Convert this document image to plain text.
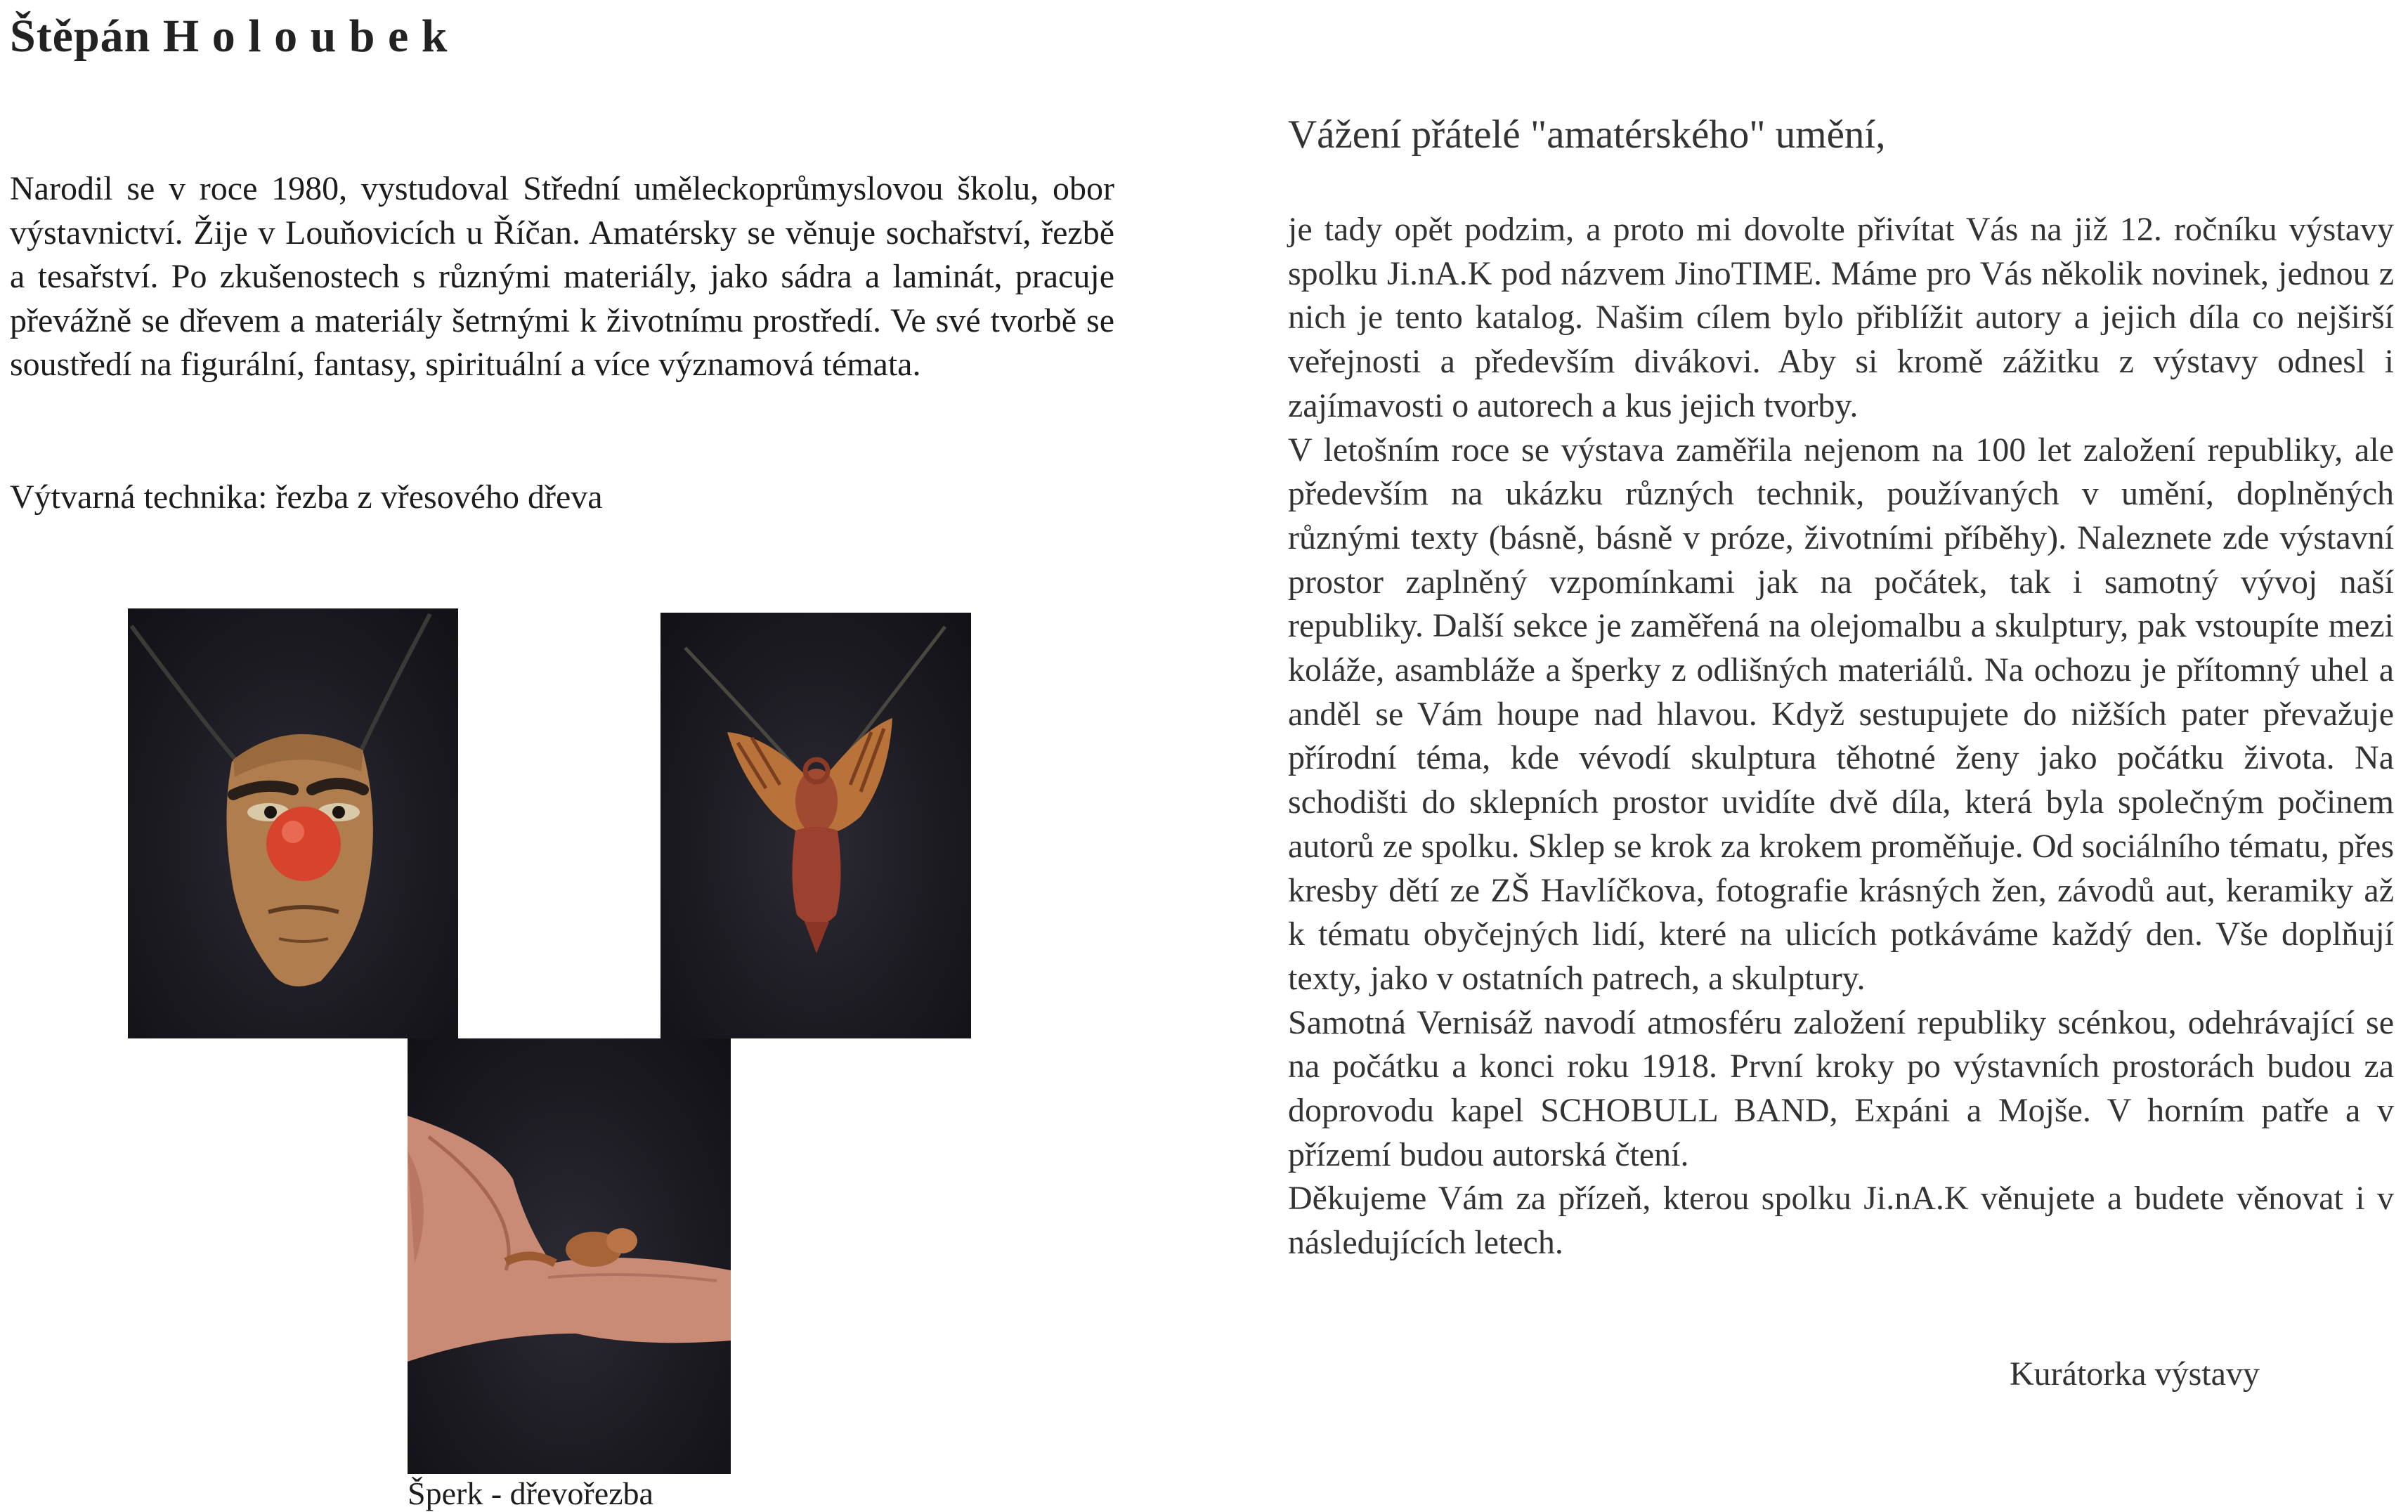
Štěpán H o l o u b e k
Narodil se v roce 1980, vystudoval Střední uměleckoprůmyslovou školu, obor výstavnictví. Žije v Louňovicích u Říčan. Amatérsky se věnuje sochařství, řezbě a tesařství. Po zkušenostech s různými materiály, jako sádra a laminát, pracuje převážně se dřevem a materiály šetrnými k životnímu prostředí. Ve své tvorbě se soustředí na figurální, fantasy, spirituální a více významová témata.
Výtvarná technika: řezba z vřesového dřeva
Šperk - dřevořezba
Vážení přátelé "amatérského" umění,

je tady opět podzim, a proto mi dovolte přivítat Vás na již 12. ročníku výstavy spolku Ji.nA.K pod názvem JinoTIME. Máme pro Vás několik novinek, jednou z nich je tento katalog. Našim cílem bylo přiblížit autory a jejich díla co nejširší veřejnosti a především divákovi. Aby si kromě zážitku z výstavy odnesl i zajímavosti o autorech a kus jejich tvorby.

V letošním roce se výstava zaměřila nejenom na 100 let založení republiky, ale především na ukázku různých technik, používaných v umění, doplněných různými texty (básně, básně v próze, životními příběhy). Naleznete zde výstavní prostor zaplněný vzpomínkami jak na počátek, tak i samotný vývoj naší republiky. Další sekce je zaměřená na olejomalbu a skulptury, pak vstoupíte mezi koláže, asambláže a šperky z odlišných materiálů. Na ochozu je přítomný uhel a anděl se Vám houpe nad hlavou. Když sestupujete do nižších pater převažuje přírodní téma, kde vévodí skulptura těhotné ženy jako počátku života. Na schodišti do sklepních prostor uvidíte dvě díla, která byla společným počinem autorů ze spolku. Sklep se krok za krokem proměňuje. Od sociálního tématu, přes kresby dětí ze ZŠ Havlíčkova, fotografie krásných žen, závodů aut, keramiky až k tématu obyčejných lidí, které na ulicích potkáváme každý den. Vše doplňují texty, jako v ostatních patrech, a skulptury.

Samotná Vernisáž navodí atmosféru založení republiky scénkou, odehrávající se na počátku a konci roku 1918. První kroky po výstavních prostorách budou za doprovodu kapel SCHOBULL BAND, Expáni a Mojše. V horním patře a v přízemí budou autorská čtení.

Děkujeme Vám za přízeň, kterou spolku Ji.nA.K věnujete a budete věnovat i v následujících letech.

Kurátorka výstavy
